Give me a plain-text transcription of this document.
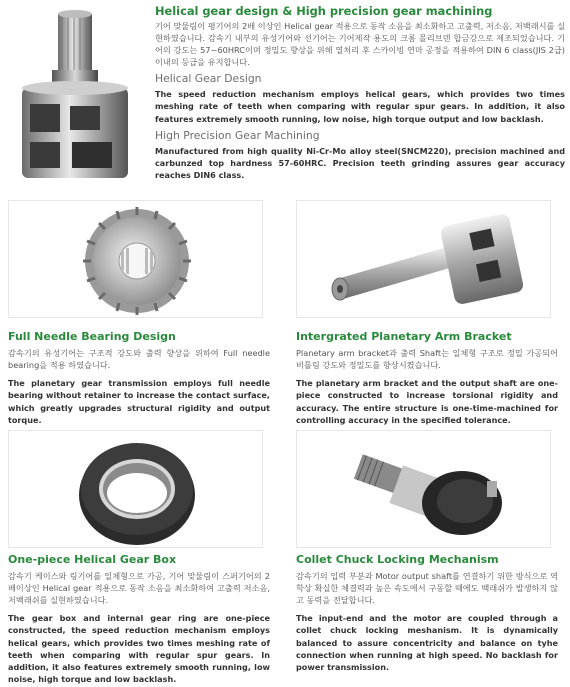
Helical gear design & High precision gear machining
기어 맞물림이 평기어의 2배 이상인 Helical gear 적용으로 동작 소음을 최소화하고 고출력, 저소음, 저백래시를 실현하였습니다. 감속기 내부의 유성기어와 선기어는 기어제작 용도의 크롬 몰리브덴 합금강으로 제조되었습니다. 기어의 강도는 57~60HRC이며 정밀도 향상을 위해 열처리 후 스카이빙 연마 공정을 적용하여 DIN 6 class(JIS 2급) 이내의 등급을 유지합니다.
Helical Gear Design
The speed reduction mechanism employs helical gears, which provides two times meshing rate of teeth when comparing with regular spur gears. In addition, it also features extremely smooth running, low noise, high torque output and low backlash.
High Precision Gear Machining
Manufactured from high quality Ni-Cr-Mo alloy steel(SNCM220), precision machined and carbunzed top hardness 57-60HRC. Precision teeth grinding assures gear accuracy reaches DIN6 class.
Full Needle Bearing Design
감속기의 유성기어는 구조적 강도와 출력 향상을 위하여 Full needle bearing을 적용 하였습니다.
The planetary gear transmission employs full needle bearing without retainer to increase the contact surface, which greatly upgrades structural rigidity and output torque.
Intergrated Planetary Arm Bracket
Planetary arm bracket과 출력 Shaft는 일체형 구조로 정밀 가공되어 비틀림 강도와 정밀도를 향상시켰습니다.
The planetary arm bracket and the output shaft are one-piece constructed to increase torsional rigidity and accuracy. The entire structure is one-time-machined for controlling accuracy in the specified tolerance.
One-piece Helical Gear Box
감속기 케이스와 링기어를 일체형으로 가공, 기어 맞물림이 스퍼기어의 2배이상인 Helical gear 적용으로 동작 소음을 최소화하여 고출력 저소음, 저백래쉬를 실현하였습니다.
The gear box and internal gear ring are one-piece constructed, the speed reduction mechanism employs helical gears, which provides two times meshing rate of teeth when comparing with regular spur gears. In addition, it also features extremely smooth running, low noise, high torque and low backlash.
Collet Chuck Locking Mechanism
감속기의 입력 부분과 Motor output shaft를 연결하기 위한 방식으로 역학상 확실한 체결력과 높은 속도에서 구동할 때에도 백래쉬가 발생하지 않고 동력을 전달합니다.
The input-end and the motor are coupled through a collet chuck locking meshanism. It is dynamically balanced to assure concentricity and balance on tyhe connection when running at high speed. No backlash for power transmission.
